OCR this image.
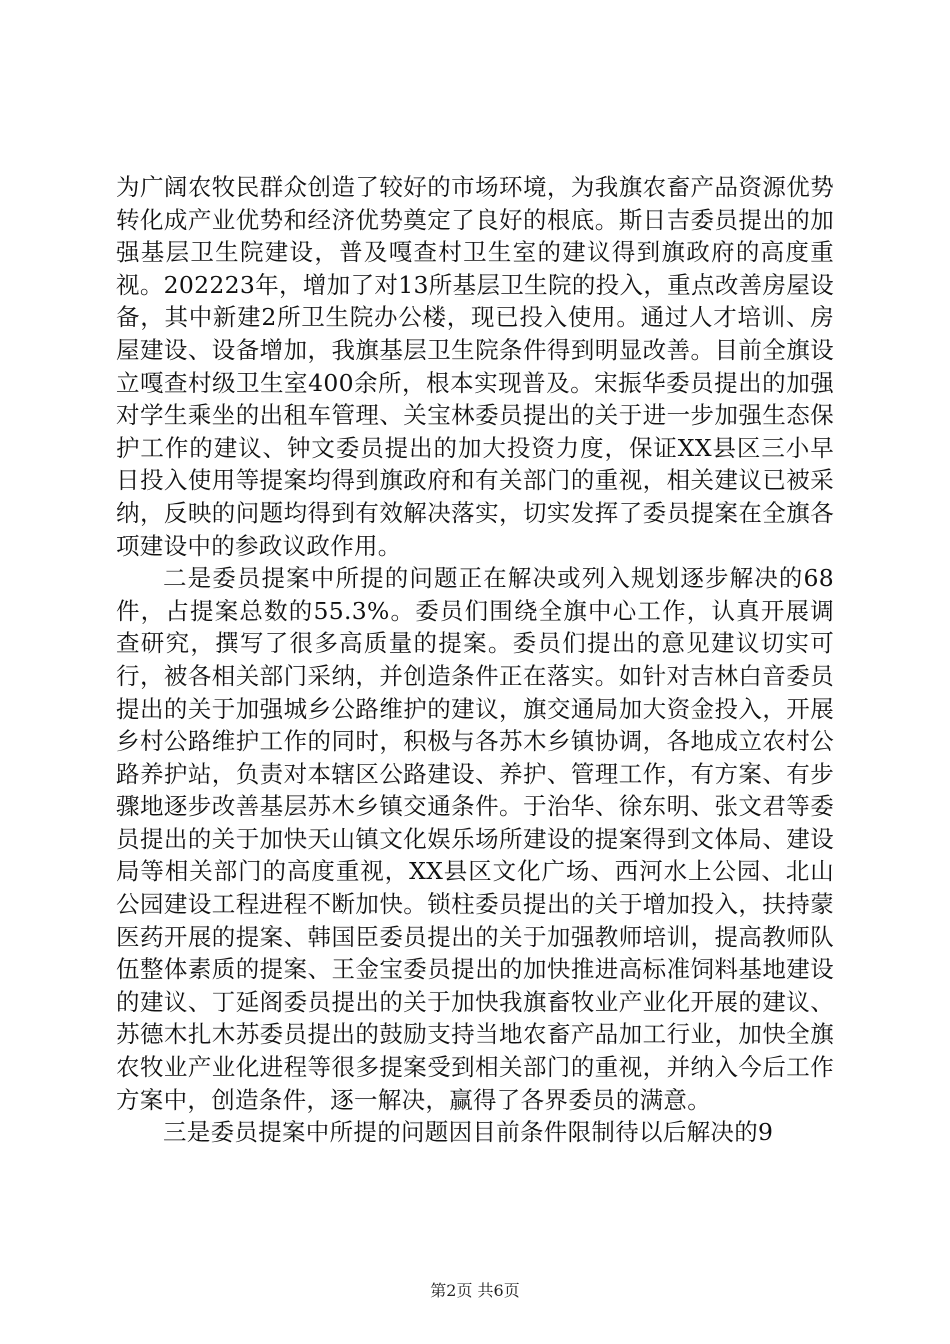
为广阔农牧民群众创造了较好的市场环境，为我旗农畜产品资源优势转化成产业优势和经济优势奠定了良好的根底。斯日吉委员提出的加强基层卫生院建设，普及嘎查村卫生室的建议得到旗政府的高度重视。202223年，增加了对13所基层卫生院的投入，重点改善房屋设备，其中新建2所卫生院办公楼，现已投入使用。通过人才培训、房屋建设、设备增加，我旗基层卫生院条件得到明显改善。目前全旗设立嘎查村级卫生室400余所，根本实现普及。宋振华委员提出的加强对学生乘坐的出租车管理、关宝林委员提出的关于进一步加强生态保护工作的建议、钟文委员提出的加大投资力度，保证XX县区三小早日投入使用等提案均得到旗政府和有关部门的重视，相关建议已被采纳，反映的问题均得到有效解决落实，切实发挥了委员提案在全旗各项建设中的参政议政作用。

二是委员提案中所提的问题正在解决或列入规划逐步解决的68件，占提案总数的55.3%。委员们围绕全旗中心工作，认真开展调查研究，撰写了很多高质量的提案。委员们提出的意见建议切实可行，被各相关部门采纳，并创造条件正在落实。如针对吉林白音委员提出的关于加强城乡公路维护的建议，旗交通局加大资金投入，开展乡村公路维护工作的同时，积极与各苏木乡镇协调，各地成立农村公路养护站，负责对本辖区公路建设、养护、管理工作，有方案、有步骤地逐步改善基层苏木乡镇交通条件。于治华、徐东明、张文君等委员提出的关于加快天山镇文化娱乐场所建设的提案得到文体局、建设局等相关部门的高度重视，XX县区文化广场、西河水上公园、北山公园建设工程进程不断加快。锁柱委员提出的关于增加投入，扶持蒙医药开展的提案、韩国臣委员提出的关于加强教师培训，提高教师队伍整体素质的提案、王金宝委员提出的加快推进高标准饲料基地建设的建议、丁延阁委员提出的关于加快我旗畜牧业产业化开展的建议、苏德木扎木苏委员提出的鼓励支持当地农畜产品加工行业，加快全旗农牧业产业化进程等很多提案受到相关部门的重视，并纳入今后工作方案中，创造条件，逐一解决，赢得了各界委员的满意。

三是委员提案中所提的问题因目前条件限制待以后解决的9

第2页 共6页
